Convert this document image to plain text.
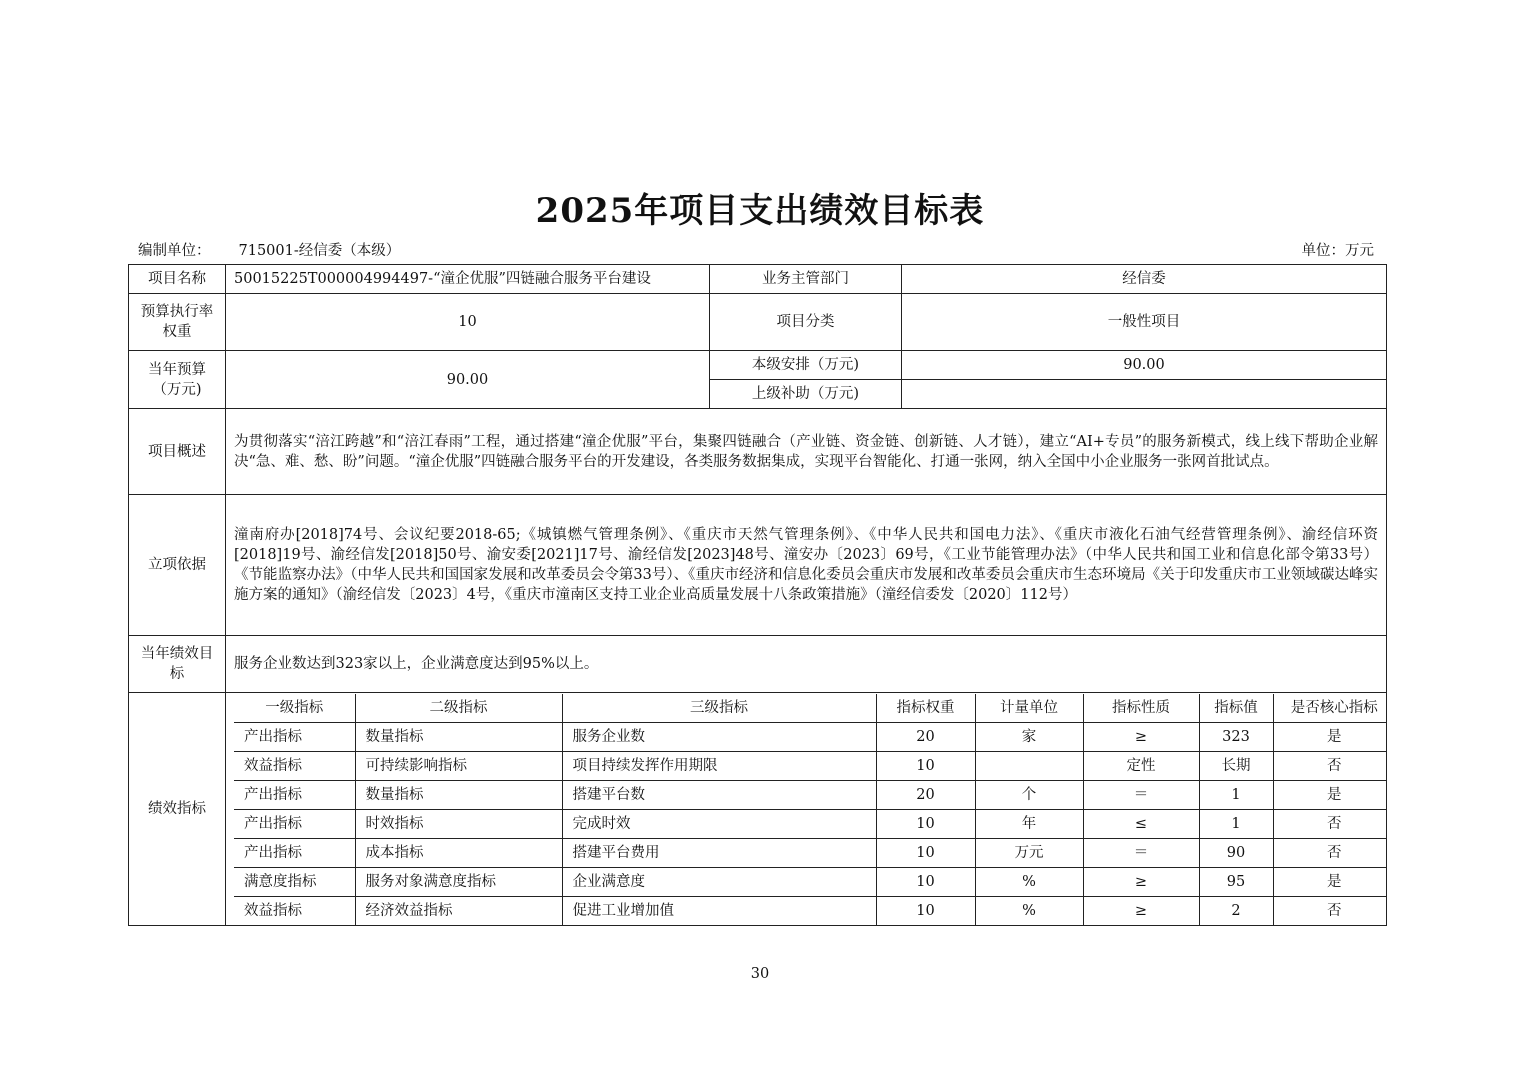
2025年项目支出绩效目标表
编制单位： 715001-经信委（本级）	单位：万元
项目名称	50015225T000004994497-“潼企优服”四链融合服务平台建设	业务主管部门	经信委
预算执行率权重	10	项目分类	一般性项目
当年预算（万元)	90.00	本级安排（万元)	90.00
上级补助（万元)	
项目概述	为贯彻落实“涪江跨越”和“涪江春雨”工程，通过搭建“潼企优服”平台，集聚四链融合（产业链、资金链、创新链、人才链），建立“AI+专员”的服务新模式，线上线下帮助企业解决“急、难、愁、盼”问题。“潼企优服”四链融合服务平台的开发建设，各类服务数据集成，实现平台智能化、打通一张网，纳入全国中小企业服务一张网首批试点。
立项依据	潼南府办[2018]74号、会议纪要2018-65;《城镇燃气管理条例》、《重庆市天然气管理条例》、《中华人民共和国电力法》、《重庆市液化石油气经营管理条例》、渝经信环资[2018]19号、渝经信发[2018]50号、渝安委[2021]17号、渝经信发[2023]48号、潼安办〔2023〕69号，《工业节能管理办法》（中华人民共和国工业和信息化部令第33号）《节能监察办法》（中华人民共和国国家发展和改革委员会令第33号）、《重庆市经济和信息化委员会重庆市发展和改革委员会重庆市生态环境局《关于印发重庆市工业领域碳达峰实施方案的通知》（渝经信发〔2023〕4号，《重庆市潼南区支持工业企业高质量发展十八条政策措施》（潼经信委发〔2020〕112号）
当年绩效目标	服务企业数达到323家以上，企业满意度达到95%以上。
绩效指标	
一级指标	二级指标	三级指标	指标权重	计量单位	指标性质	指标值	是否核心指标
产出指标	数量指标	服务企业数	20	家	≥	323	是
效益指标	可持续影响指标	项目持续发挥作用期限	10		定性	长期	否
产出指标	数量指标	搭建平台数	20	个	＝	1	是
产出指标	时效指标	完成时效	10	年	≤	1	否
产出指标	成本指标	搭建平台费用	10	万元	＝	90	否
满意度指标	服务对象满意度指标	企业满意度	10	%	≥	95	是
效益指标	经济效益指标	促进工业增加值	10	%	≥	2	否
30
